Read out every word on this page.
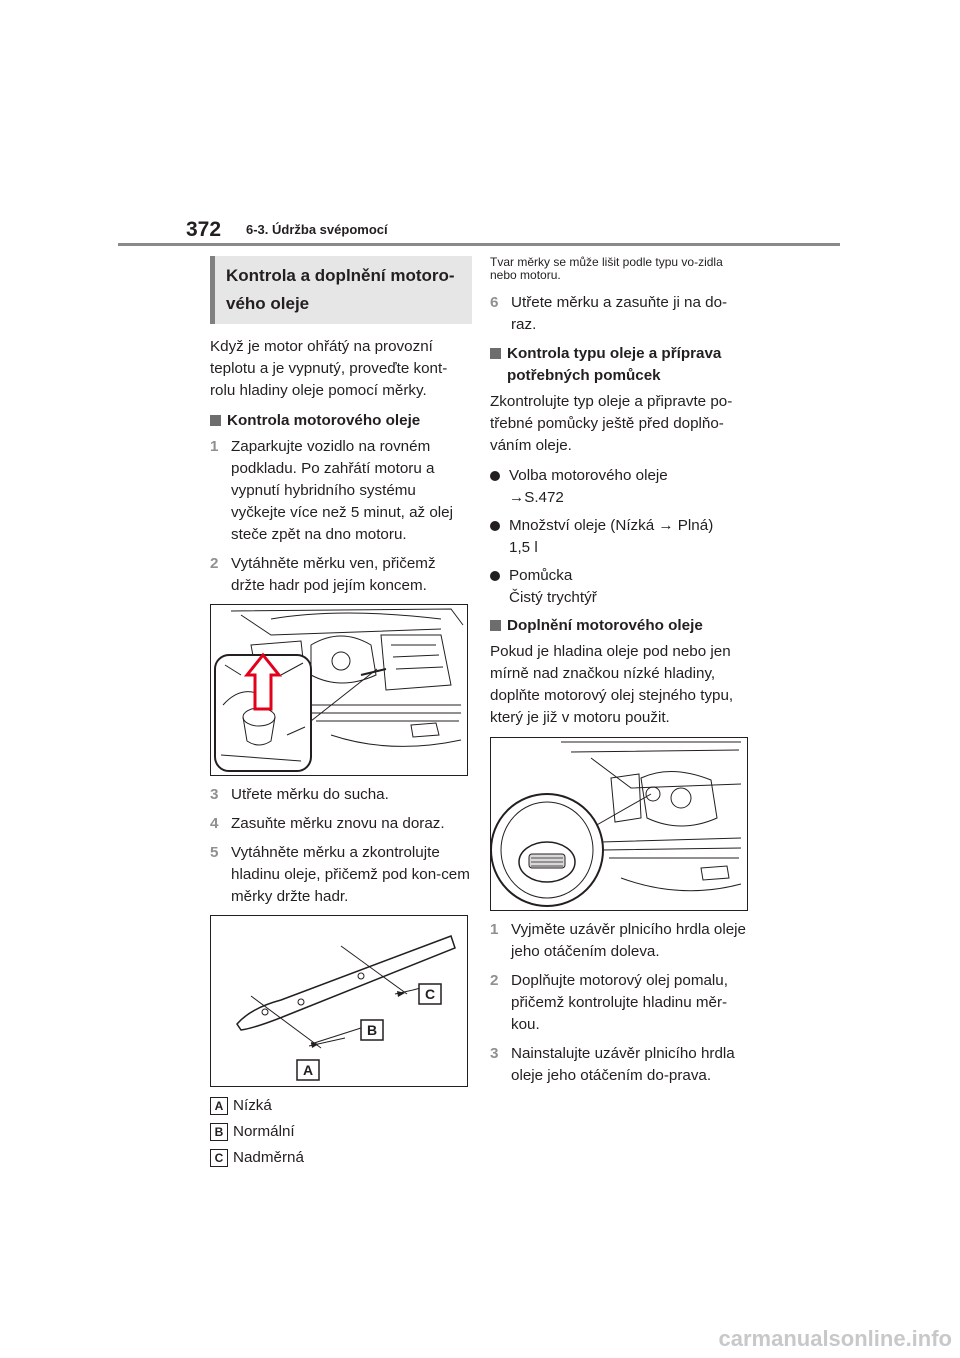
372 6-3. Údržba svépomocí
Kontrola a doplnění motoro-vého oleje

Když je motor ohřátý na provozní teplotu a je vypnutý, proveďte kont-rolu hladiny oleje pomocí měrky.

Kontrola motorového oleje
1 Zaparkujte vozidlo na rovném podkladu. Po zahřátí motoru a vypnutí hybridního systému vyčkejte více než 5 minut, až olej steče zpět na dno motoru.
2 Vytáhněte měrku ven, přičemž držte hadr pod jejím koncem.
3 Utřete měrku do sucha.
4 Zasuňte měrku znovu na doraz.
5 Vytáhněte měrku a zkontrolujte hladinu oleje, přičemž pod kon-cem měrky držte hadr.
C
B
A
A Nízká
B Normální
C Nadměrná
Tvar měrky se může lišit podle typu vo-zidla nebo motoru.
6 Utřete měrku a zasuňte ji na do-raz.
Kontrola typu oleje a příprava potřebných pomůcek

Zkontrolujte typ oleje a připravte po-třebné pomůcky ještě před doplňo-váním oleje.

Volba motorového oleje
→S.472
Množství oleje (Nízká → Plná)
1,5 l
Pomůcka
Čistý trychtýř
Doplnění motorového oleje

Pokud je hladina oleje pod nebo jen mírně nad značkou nízké hladiny, doplňte motorový olej stejného typu, který je již v motoru použit.

1 Vyjměte uzávěr plnicího hrdla oleje jeho otáčením doleva.
2 Doplňujte motorový olej pomalu, přičemž kontrolujte hladinu měr-kou.
3 Nainstalujte uzávěr plnicího hrdla oleje jeho otáčením do-prava.
carmanualsonline.info
